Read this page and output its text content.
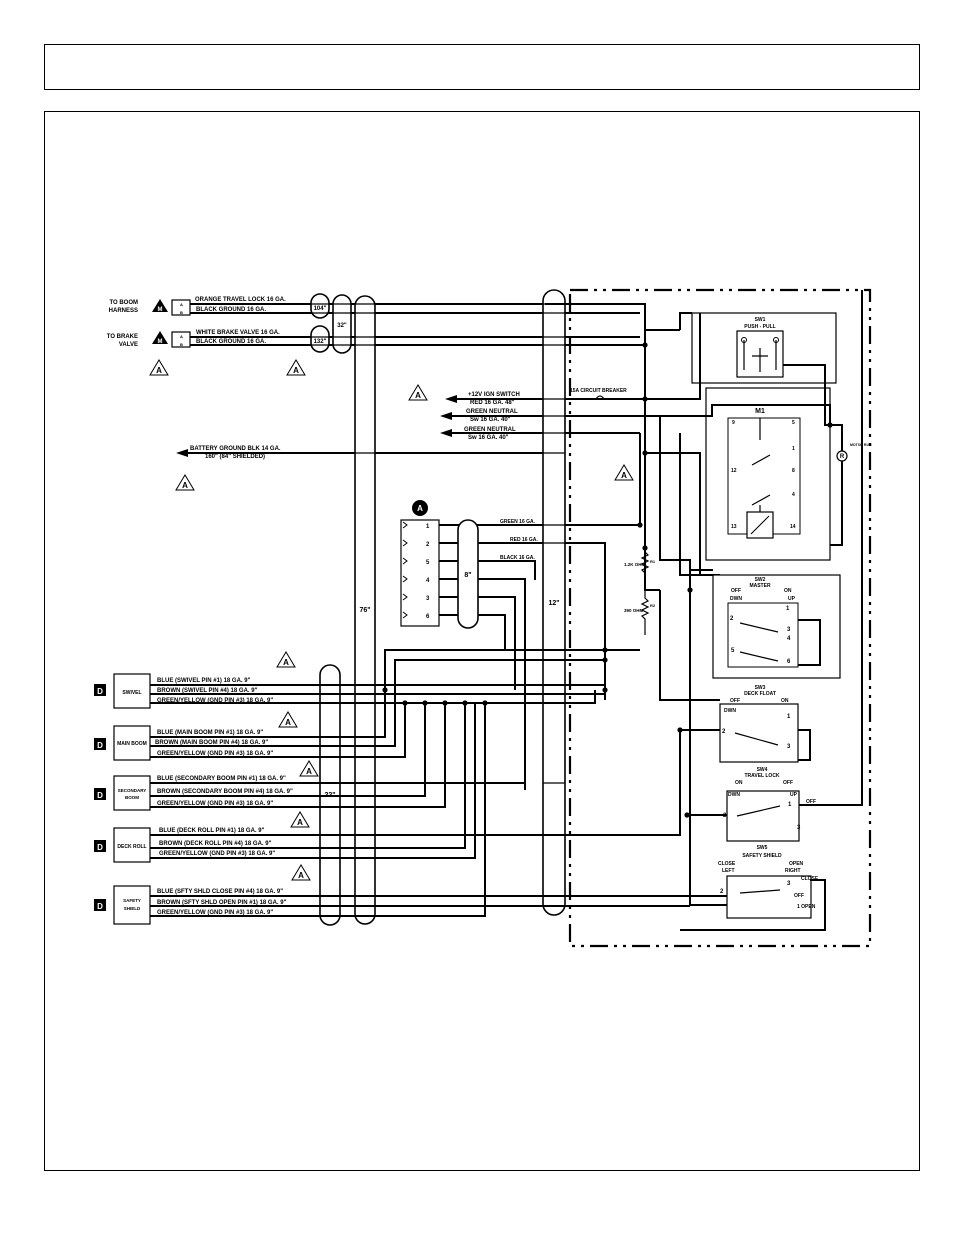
TO BOOM
HARNESS	M
A
B
TO BRAKE
VALVE	M
A
B
ORANGE TRAVEL LOCK 16 GA.
BLACK GROUND 16 GA.
WHITE BRAKE VALVE 16 GA.
BLACK GROUND 16 GA.
A	A
A
A
A
A
A
A
A
A
+12V IGN SWITCH
RED 16 GA. 48"
GREEN NEUTRAL
Sw 16 GA. 40"
GREEN NEUTRAL
Sw 16 GA. 40"
15A CIRCUIT BREAKER
BATTERY GROUND BLK 14 GA.
160" (84" SHIELDED)
A
1
2
5
4
3
6
GREEN 16 GA.
RED 16 GA.
BLACK 16 GA.
104"
132"
32"
76"
12"
8"
22"
SW1
PUSH - PULL
M1
9	5
1
12	8
4
13	14
R
MOTOR RUN
1.2K OHM
390 OHM
R1
R2
SW2
MASTER
OFF	ON
DWN	UP
1
2
3
4
5
6
SW3
DECK FLOAT
OFF	ON
DWN
1
2
3
SW4
TRAVEL LOCK
ON	OFF
DWN	UP
OFF
1
2
3
SW5
SAFETY SHIELD
CLOSE
LEFT
OPEN
RIGHT
OFF
CLOSE
1 OPEN
2
3
D	SWIVEL
BLUE (SWIVEL PIN #1) 18 GA. 9"
BROWN (SWIVEL PIN #4) 18 GA. 9"
GREEN/YELLOW (GND PIN #3) 18 GA. 9"
D	MAIN BOOM
BLUE (MAIN BOOM PIN #1) 18 GA. 9"
BROWN (MAIN BOOM PIN #4) 18 GA. 9"
GREEN/YELLOW (GND PIN #3) 18 GA. 9"
D
SECONDARY
BOOM
BLUE (SECONDARY BOOM PIN #1) 18 GA. 9"
BROWN (SECONDARY BOOM PIN #4) 18 GA. 9"
GREEN/YELLOW (GND PIN #3) 18 GA. 9"
D	DECK ROLL
BLUE (DECK ROLL PIN #1) 18 GA. 9"
BROWN (DECK ROLL PIN #4) 18 GA. 9"
GREEN/YELLOW (GND PIN #3) 18 GA. 9"
D
SAFETY
SHIELD
BLUE (SFTY SHLD CLOSE PIN #4) 18 GA. 9"
BROWN (SFTY SHLD OPEN PIN #1) 18 GA. 9"
GREEN/YELLOW (GND PIN #3) 18 GA. 9"
